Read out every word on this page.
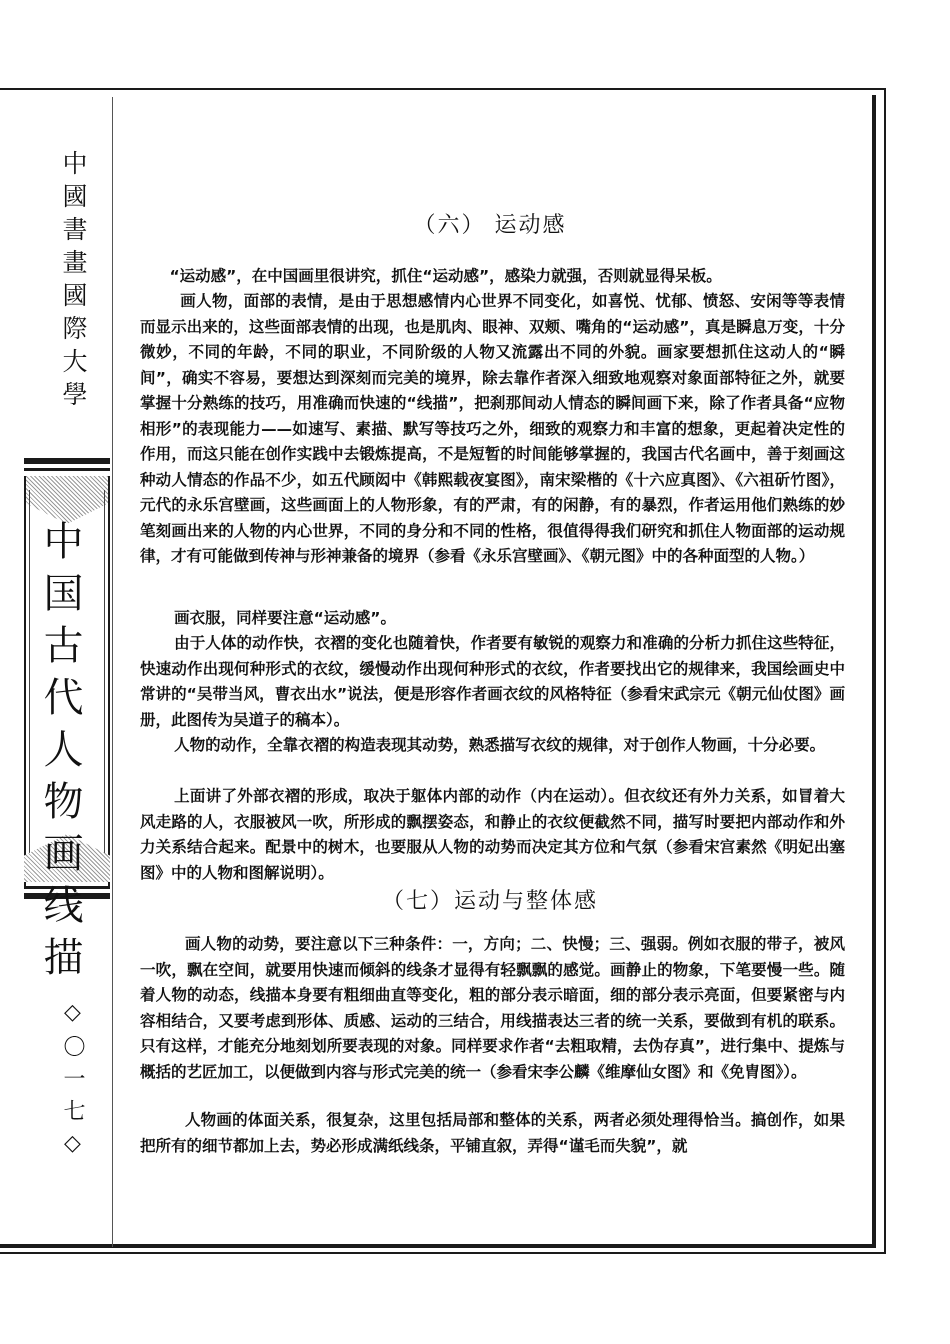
中國書畫國際大學
中国古代人物画线描
◇〇一七◇
（六） 运动感

“运动感”，在中国画里很讲究，抓住“运动感”，感染力就强，否则就显得呆板。

画人物，面部的表情，是由于思想感情内心世界不同变化，如喜悦、忧郁、愤怒、安闲等等表情而显示出来的，这些面部表情的出现，也是肌肉、眼神、双颊、嘴角的“运动感”，真是瞬息万变，十分微妙，不同的年龄，不同的职业，不同阶级的人物又流露出不同的外貌。画家要想抓住这动人的“瞬间”，确实不容易，要想达到深刻而完美的境界，除去靠作者深入细致地观察对象面部特征之外，就要掌握十分熟练的技巧，用准确而快速的“线描”，把刹那间动人情态的瞬间画下来，除了作者具备“应物相形”的表现能力——如速写、素描、默写等技巧之外，细致的观察力和丰富的想象，更起着决定性的作用，而这只能在创作实践中去锻炼提高，不是短暂的时间能够掌握的，我国古代名画中，善于刻画这种动人情态的作品不少，如五代顾闳中《韩熙载夜宴图》，南宋梁楷的《十六应真图》、《六祖斫竹图》，元代的永乐宫壁画，这些画面上的人物形象，有的严肃，有的闲静，有的暴烈，作者运用他们熟练的妙笔刻画出来的人物的内心世界，不同的身分和不同的性格，很值得得我们研究和抓住人物面部的运动规律，才有可能做到传神与形神兼备的境界（参看《永乐宫壁画》、《朝元图》中的各种面型的人物。）

画衣服，同样要注意“运动感”。

由于人体的动作快，衣褶的变化也随着快，作者要有敏锐的观察力和准确的分析力抓住这些特征，快速动作出现何种形式的衣纹，缓慢动作出现何种形式的衣纹，作者要找出它的规律来，我国绘画史中常讲的“吴带当风，曹衣出水”说法，便是形容作者画衣纹的风格特征（参看宋武宗元《朝元仙仗图》画册，此图传为吴道子的稿本）。

人物的动作，全靠衣褶的构造表现其动势，熟悉描写衣纹的规律，对于创作人物画，十分必要。

上面讲了外部衣褶的形成，取决于躯体内部的动作（内在运动）。但衣纹还有外力关系，如冒着大风走路的人，衣服被风一吹，所形成的飘摆姿态，和静止的衣纹便截然不同，描写时要把内部动作和外力关系结合起来。配景中的树木，也要服从人物的动势而决定其方位和气氛（参看宋宫素然《明妃出塞图》中的人物和图解说明）。

（七）运动与整体感

画人物的动势，要注意以下三种条件：一，方向；二、快慢；三、强弱。例如衣服的带子，被风一吹，飘在空间，就要用快速而倾斜的线条才显得有轻飘飘的感觉。画静止的物象，下笔要慢一些。随着人物的动态，线描本身要有粗细曲直等变化，粗的部分表示暗面，细的部分表示亮面，但要紧密与内容相结合，又要考虑到形体、质感、运动的三结合，用线描表达三者的统一关系，要做到有机的联系。只有这样，才能充分地刻划所要表现的对象。同样要求作者“去粗取精，去伪存真”，进行集中、提炼与概括的艺匠加工，以便做到内容与形式完美的统一（参看宋李公麟《维摩仙女图》和《免胄图》）。

人物画的体面关系，很复杂，这里包括局部和整体的关系，两者必须处理得恰当。搞创作，如果把所有的细节都加上去，势必形成满纸线条，平铺直叙，弄得“谨毛而失貌”，就
